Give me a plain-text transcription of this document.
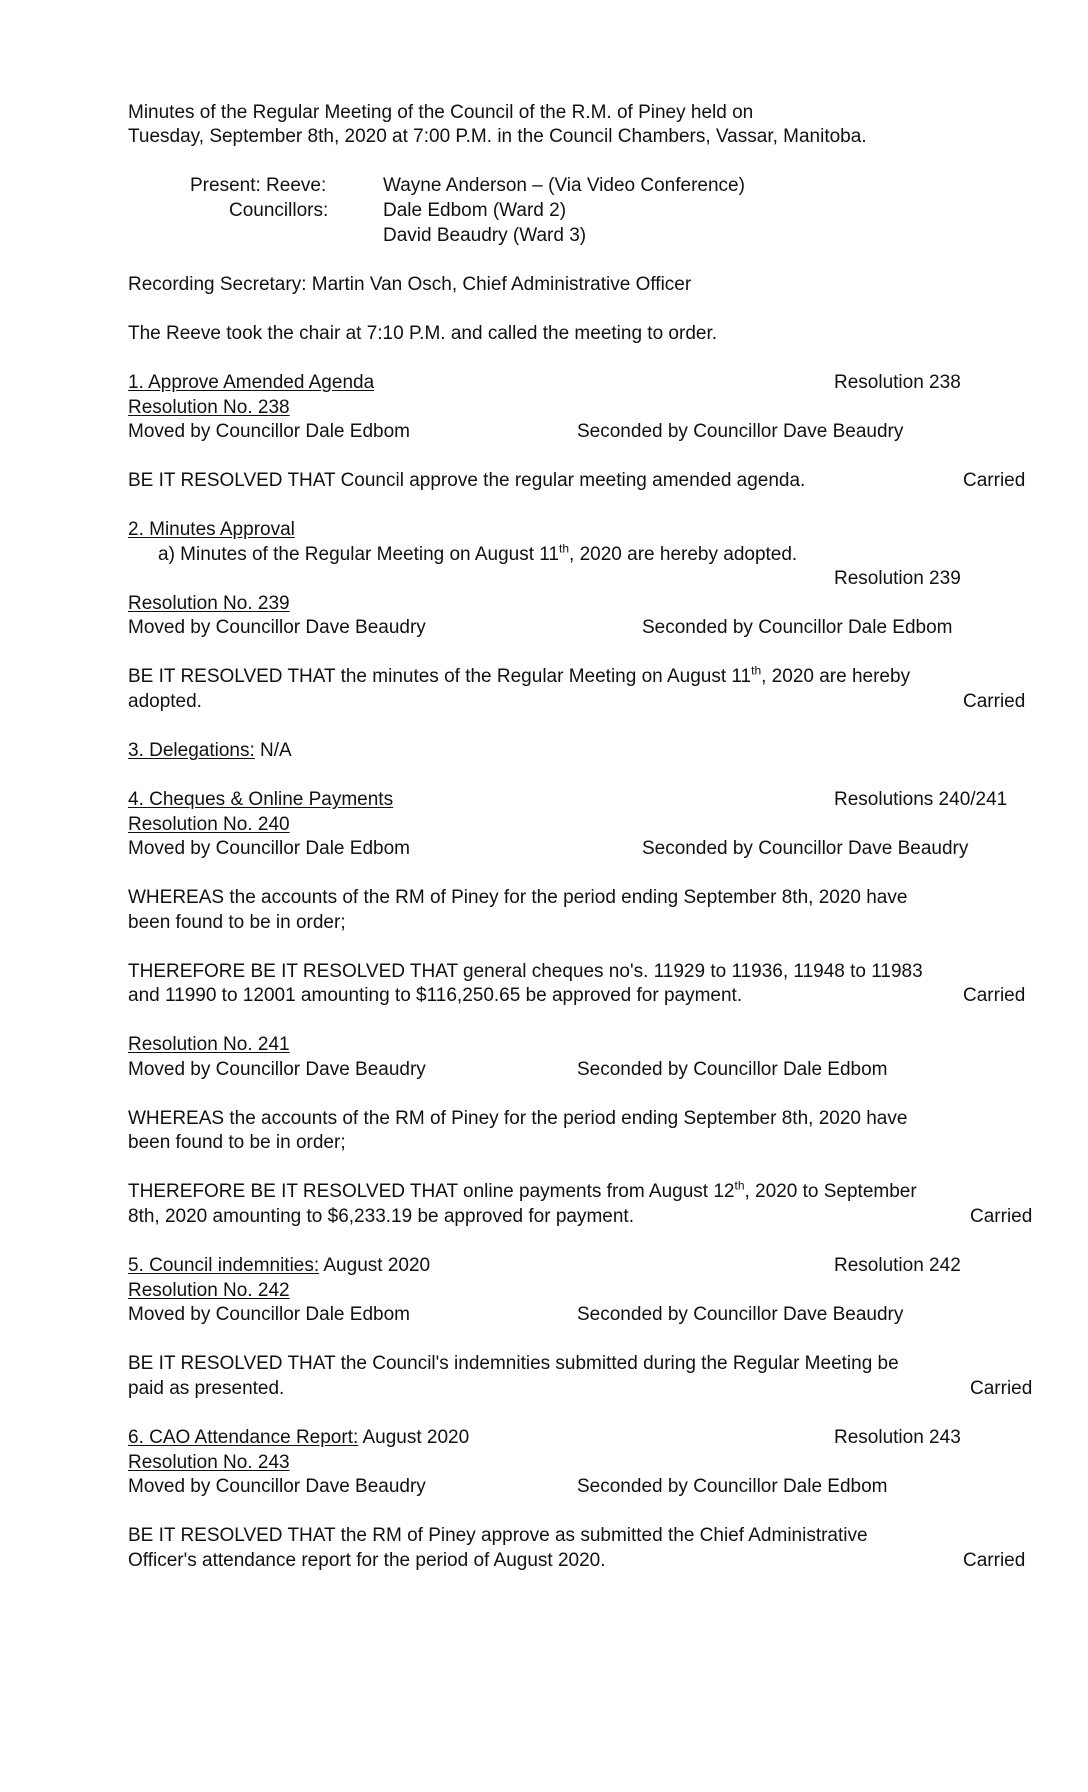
Minutes of the Regular Meeting of the Council of the R.M. of Piney held on
Tuesday, September 8th, 2020 at 7:00 P.M. in the Council Chambers, Vassar, Manitoba.
Present: Reeve:	Wayne Anderson – (Via Video Conference)
Councillors:	Dale Edbom (Ward 2)
David Beaudry (Ward 3)
Recording Secretary: Martin Van Osch, Chief Administrative Officer
The Reeve took the chair at 7:10 P.M. and called the meeting to order.
1. Approve Amended Agenda	Resolution 238
Resolution No. 238
Moved by Councillor Dale Edbom	Seconded by Councillor Dave Beaudry
BE IT RESOLVED THAT Council approve the regular meeting amended agenda.	Carried
2. Minutes Approval
a) Minutes of the Regular Meeting on August 11th, 2020 are hereby adopted.
Resolution 239
Resolution No. 239
Moved by Councillor Dave Beaudry	Seconded by Councillor Dale Edbom
BE IT RESOLVED THAT the minutes of the Regular Meeting on August 11th, 2020 are hereby
adopted.	Carried
3. Delegations: N/A
4. Cheques & Online Payments	Resolutions 240/241
Resolution No. 240
Moved by Councillor Dale Edbom	Seconded by Councillor Dave Beaudry
WHEREAS the accounts of the RM of Piney for the period ending September 8th, 2020 have
been found to be in order;
THEREFORE BE IT RESOLVED THAT general cheques no's. 11929 to 11936, 11948 to 11983
and 11990 to 12001 amounting to $116,250.65 be approved for payment.	Carried
Resolution No. 241
Moved by Councillor Dave Beaudry	Seconded by Councillor Dale Edbom
WHEREAS the accounts of the RM of Piney for the period ending September 8th, 2020 have
been found to be in order;
THEREFORE BE IT RESOLVED THAT online payments from August 12th, 2020 to September
8th, 2020 amounting to $6,233.19 be approved for payment.	Carried
5. Council indemnities: August 2020	Resolution 242
Resolution No. 242
Moved by Councillor Dale Edbom	Seconded by Councillor Dave Beaudry
BE IT RESOLVED THAT the Council's indemnities submitted during the Regular Meeting be
paid as presented.	Carried
6. CAO Attendance Report: August 2020	Resolution 243
Resolution No. 243
Moved by Councillor Dave Beaudry	Seconded by Councillor Dale Edbom
BE IT RESOLVED THAT the RM of Piney approve as submitted the Chief Administrative
Officer's attendance report for the period of August 2020.	Carried
